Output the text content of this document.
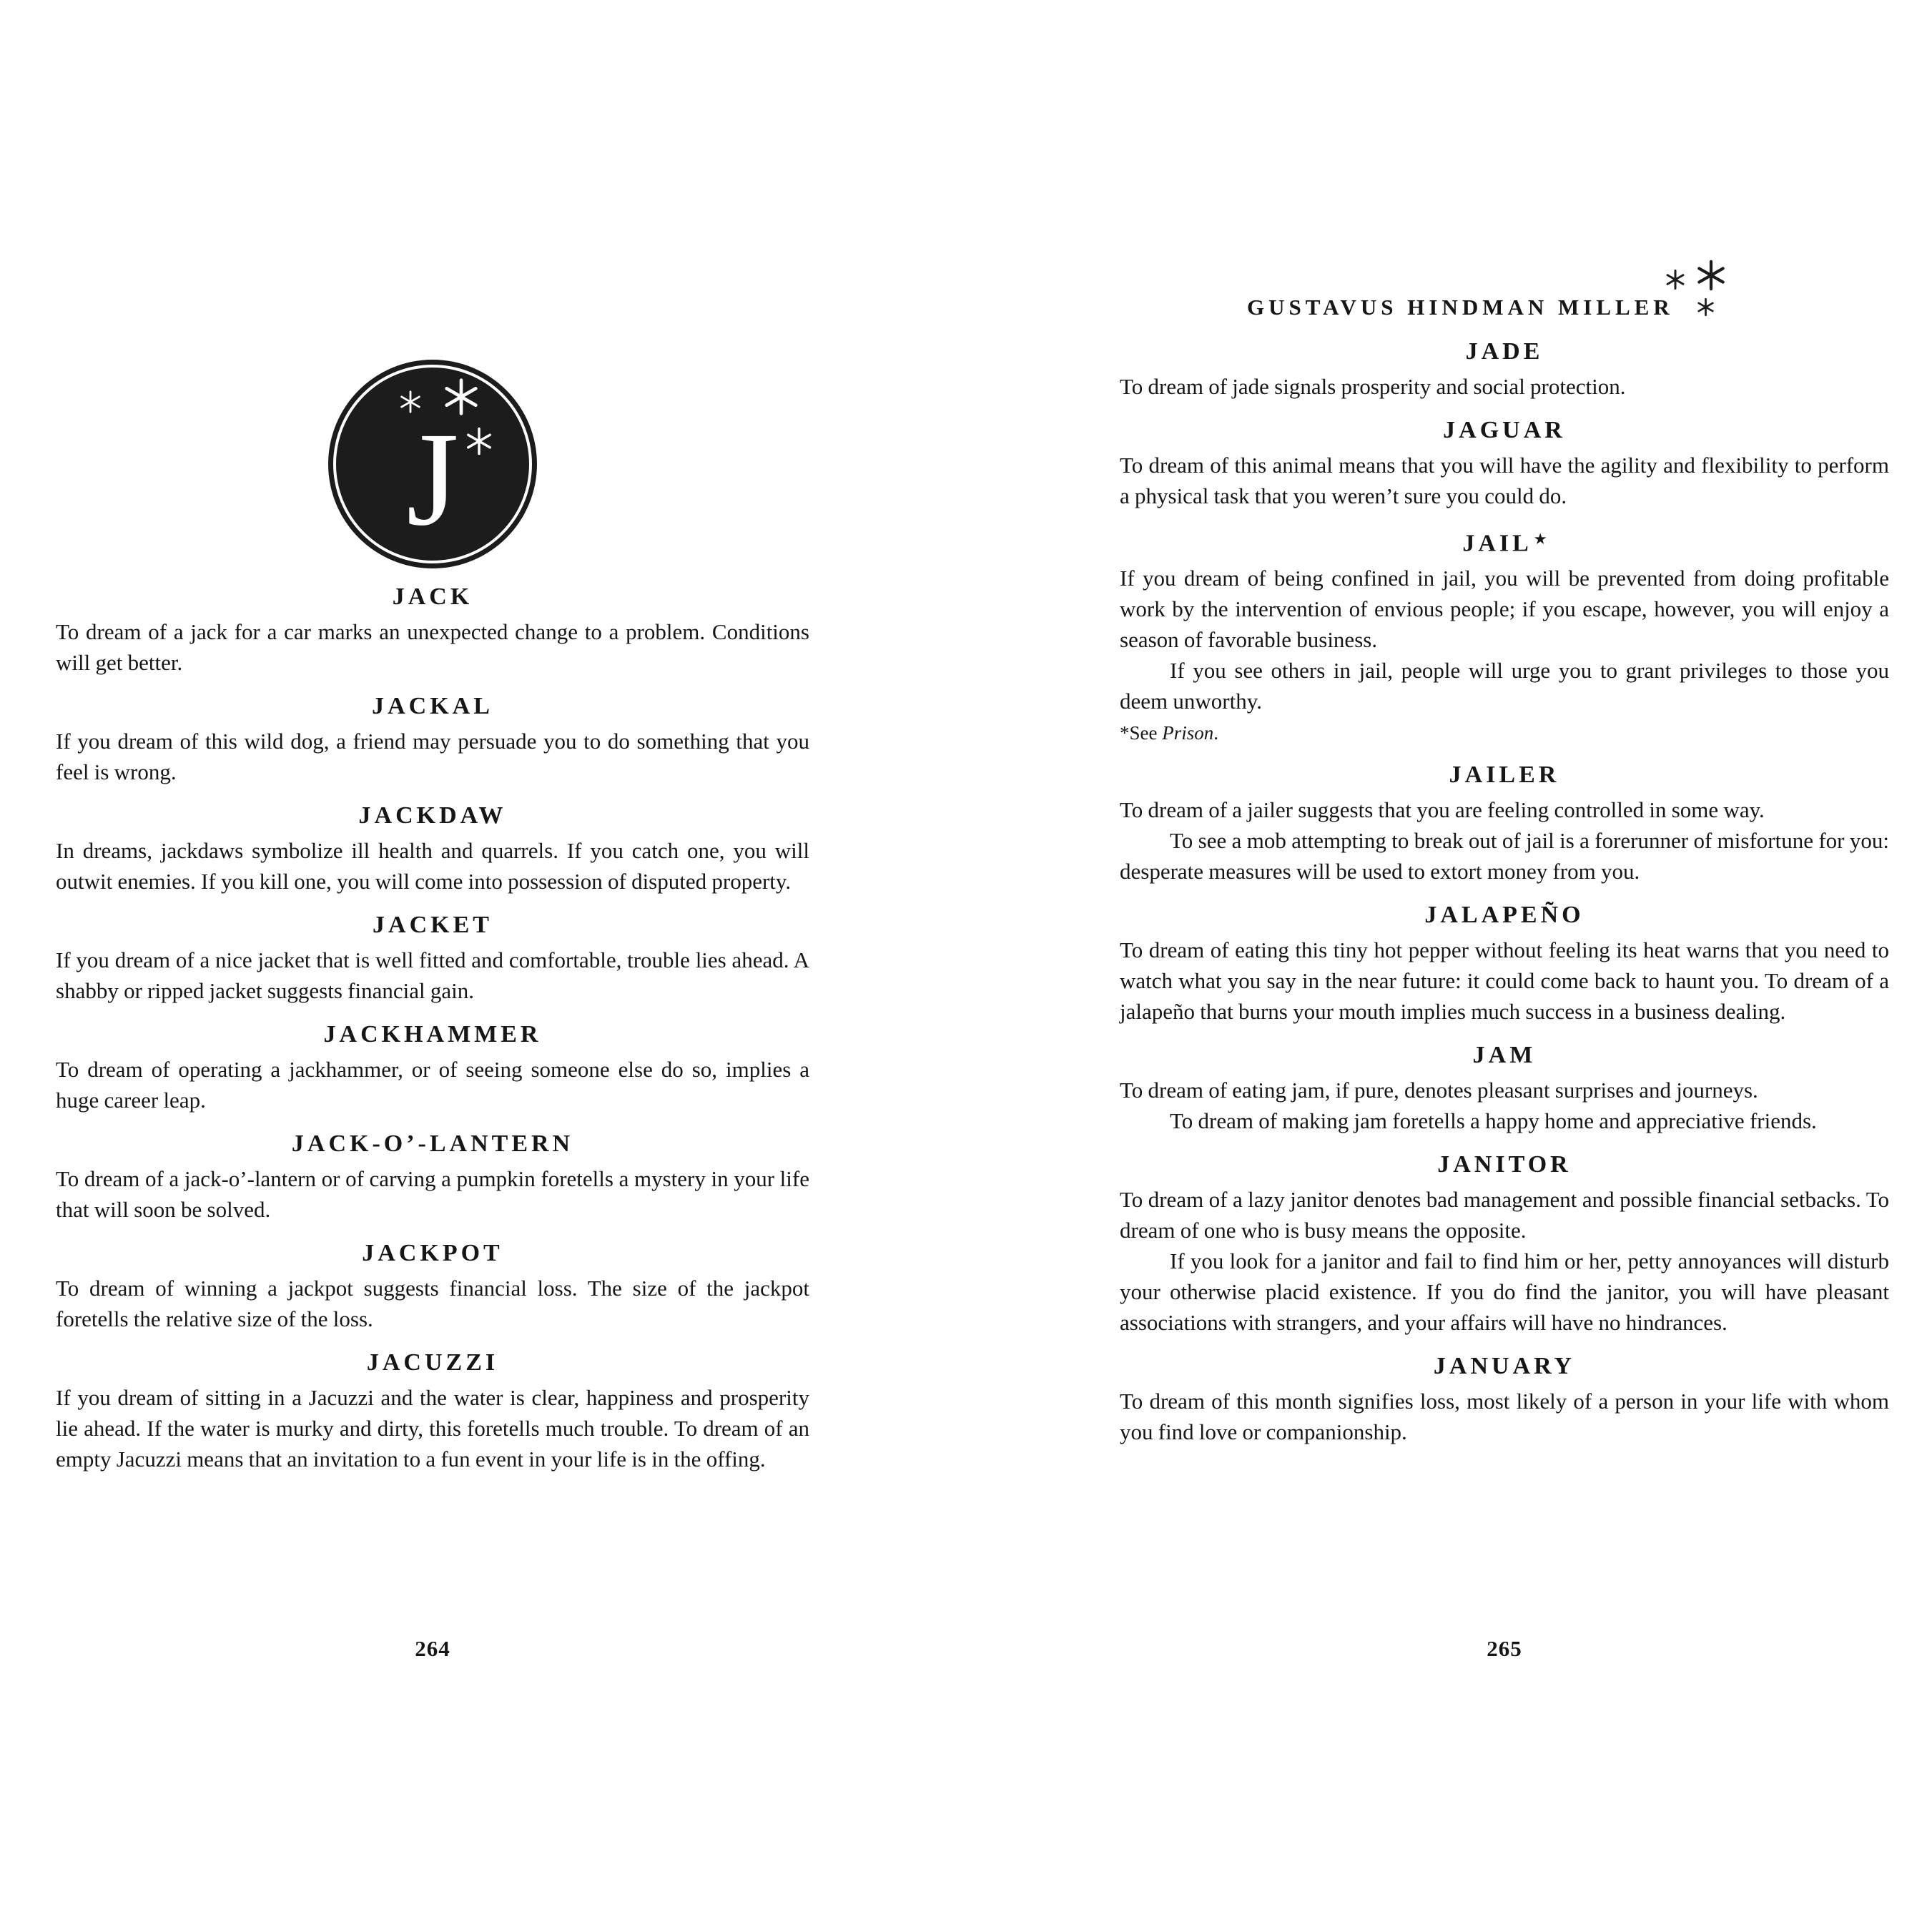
J
JACK

To dream of a jack for a car marks an unexpected change to a problem. Conditions will get better.

JACKAL

If you dream of this wild dog, a friend may persuade you to do something that you feel is wrong.

JACKDAW

In dreams, jackdaws symbolize ill health and quarrels. If you catch one, you will outwit enemies. If you kill one, you will come into possession of disputed property.

JACKET

If you dream of a nice jacket that is well fitted and comfortable, trouble lies ahead. A shabby or ripped jacket suggests financial gain.

JACKHAMMER

To dream of operating a jackhammer, or of seeing someone else do so, implies a huge career leap.

JACK-O’-LANTERN

To dream of a jack-o’-lantern or of carving a pumpkin foretells a mystery in your life that will soon be solved.

JACKPOT

To dream of winning a jackpot suggests financial loss. The size of the jackpot foretells the relative size of the loss.

JACUZZI

If you dream of sitting in a Jacuzzi and the water is clear, happiness and prosperity lie ahead. If the water is murky and dirty, this foretells much trouble. To dream of an empty Jacuzzi means that an invitation to a fun event in your life is in the offing.

264
GUSTAVUS HINDMAN MILLER
JADE

To dream of jade signals prosperity and social protection.

JAGUAR

To dream of this animal means that you will have the agility and flexibility to perform a physical task that you weren’t sure you could do.

JAIL ★

If you dream of being confined in jail, you will be prevented from doing profitable work by the intervention of envious people; if you escape, however, you will enjoy a season of favorable business.

If you see others in jail, people will urge you to grant privileges to those you deem unworthy.

*See Prison.

JAILER

To dream of a jailer suggests that you are feeling controlled in some way.

To see a mob attempting to break out of jail is a forerunner of misfortune for you: desperate measures will be used to extort money from you.

JALAPEÑO

To dream of eating this tiny hot pepper without feeling its heat warns that you need to watch what you say in the near future: it could come back to haunt you. To dream of a jalapeño that burns your mouth implies much success in a business dealing.

JAM

To dream of eating jam, if pure, denotes pleasant surprises and journeys.

To dream of making jam foretells a happy home and appreciative friends.

JANITOR

To dream of a lazy janitor denotes bad management and possible financial setbacks. To dream of one who is busy means the opposite.

If you look for a janitor and fail to find him or her, petty annoyances will disturb your otherwise placid existence. If you do find the janitor, you will have pleasant associations with strangers, and your affairs will have no hindrances.

JANUARY

To dream of this month signifies loss, most likely of a person in your life with whom you find love or companionship.

265
